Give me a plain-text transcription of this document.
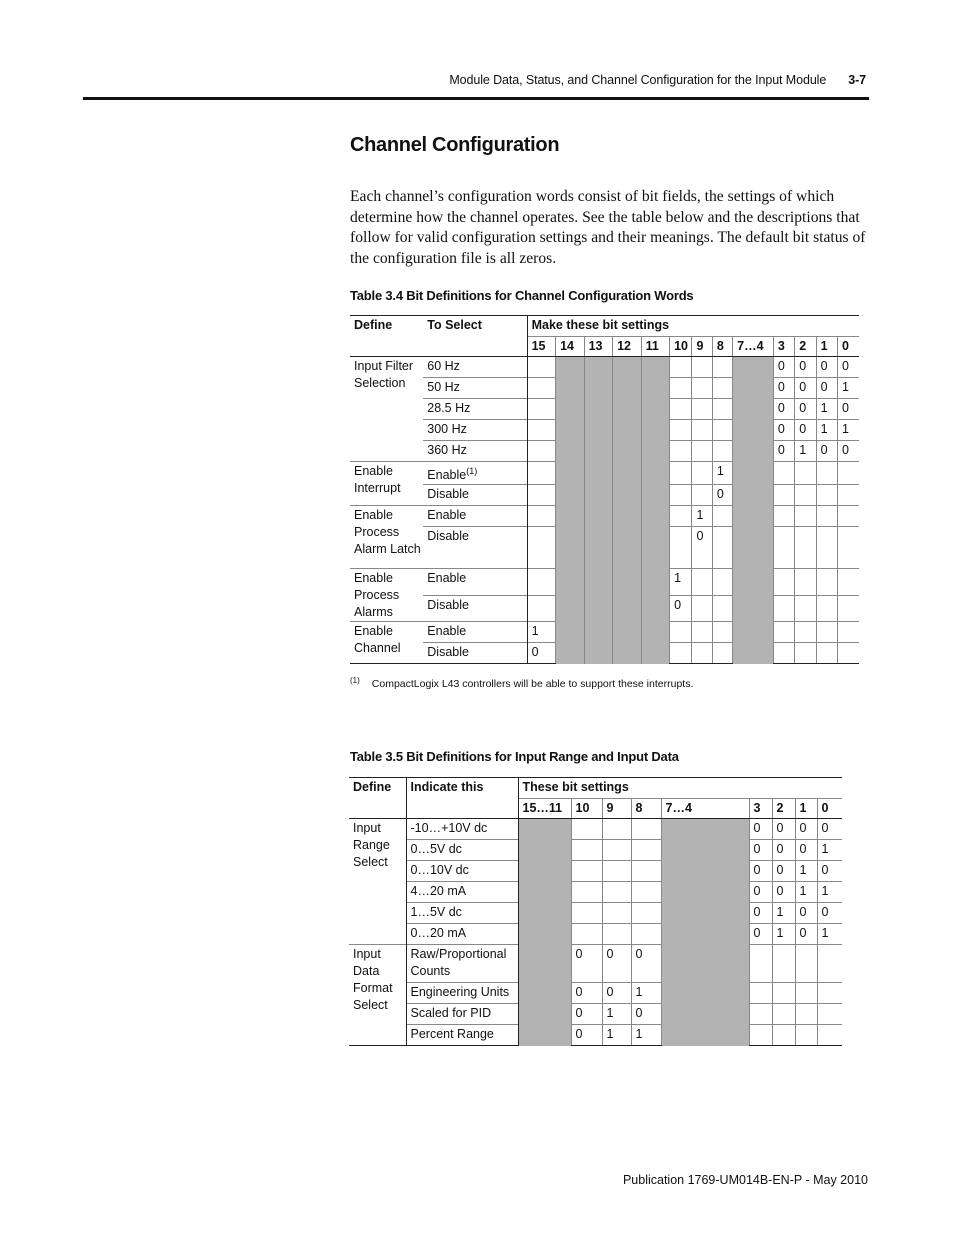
Module Data, Status, and Channel Configuration for the Input Module 3-7
Channel Configuration
Each channel’s configuration words consist of bit fields, the settings of which determine how the channel operates. See the table below and the descriptions that follow for valid configuration settings and their meanings. The default bit status of the configuration file is all zeros.
Table 3.4 Bit Definitions for Channel Configuration Words
Define	To Select	Make these bit settings												
		15	14	13	12	11	10	9	8	7…4	3	2	1	0
Input Filter Selection	60 Hz										0	0	0	0
	50 Hz										0	0	0	1
	28.5 Hz										0	0	1	0
	300 Hz										0	0	1	1
	360 Hz										0	1	0	0
Enable Interrupt	Enable$^{(1)}$								1					
	Disable								0					
Enable Process Alarm Latch	Enable							1						
	Disable							0						
Enable Process Alarms	Enable						1							
	Disable						0							
Enable Channel	Enable	1												
	Disable	0												
$^{(1)}$ CompactLogix L43 controllers will be able to support these interrupts.
Table 3.5 Bit Definitions for Input Range and Input Data
Define	Indicate this	These bit settings								
		15…11	10	9	8	7…4	3	2	1	0
Input Range Select	-10…+10V dc						0	0	0	0
	0…5V dc						0	0	0	1
	0…10V dc						0	0	1	0
	4…20 mA						0	0	1	1
	1…5V dc						0	1	0	0
	0…20 mA						0	1	0	1
Input Data Format Select	Raw/Proportional Counts		0	0	0					
	Engineering Units		0	0	1					
	Scaled for PID		0	1	0					
	Percent Range		0	1	1					
Publication 1769-UM014B-EN-P - May 2010
